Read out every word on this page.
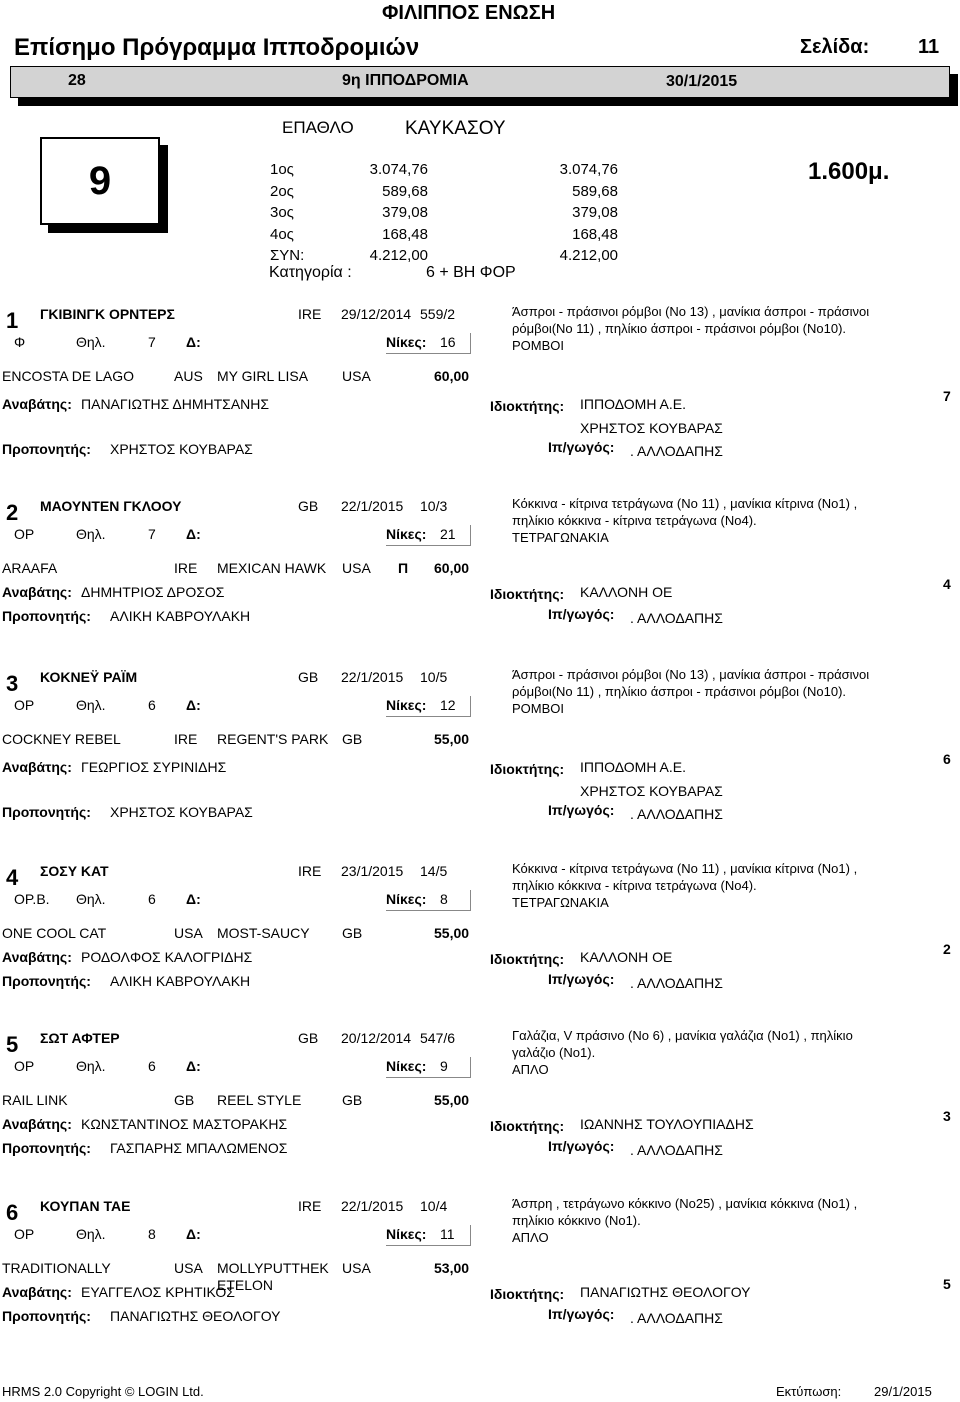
ΦΙΛΙΠΠΟΣ ΕΝΩΣΗ
Επίσημο Πρόγραμμα Ιπποδρομιών	Σελίδα: 11
28	9η ΙΠΠΟΔΡΟΜΙΑ	30/1/2015
9
ΕΠΑΘΛΟ	ΚΑΥΚΑΣΟΥ
1ος	3.074,76	3.074,76
2ος	589,68	589,68
3ος	379,08	379,08
4ος	168,48	168,48
ΣΥΝ:	4.212,00	4.212,00
Κατηγορία :	6 + ΒΗ ΦΟΡ
1.600μ.
1 ΓΚΙΒΙΝΓΚ ΟΡΝΤΕΡΣ	IRE 29/12/2014 559/2
Φ	Θηλ.	7 Δ:	Νίκες: 16
Άσπροι - πράσινοι ρόμβοι (Νο 13) , μανίκια άσπροι - πράσινοι
ρόμβοι(Νο 11) , πηλίκιο άσπροι - πράσινοι ρόμβοι (Νο10).
ΡΟΜΒΟΙ
ENCOSTA DE LAGO	AUS MY GIRL LISA	USA	60,00
Αναβάτης: ΠΑΝΑΓΙΩΤΗΣ ΔΗΜΗΤΣΑΝΗΣ	Ιδιοκτήτης: ΙΠΠΟΔΟΜΗ Α.Ε.
ΧΡΗΣΤΟΣ ΚΟΥΒΑΡΑΣ
7
Προπονητής: ΧΡΗΣΤΟΣ ΚΟΥΒΑΡΑΣ	Ιπ/γωγός: . ΑΛΛΟΔΑΠΗΣ
2 ΜΑΟΥΝΤΕΝ ΓΚΛΟΟΥ	GB 22/1/2015 10/3
ΟΡ	Θηλ.	7 Δ:	Νίκες: 21
Κόκκινα - κίτρινα τετράγωνα (Νο 11) , μανίκια κίτρινα (Νο1) ,
πηλίκιο κόκκινα - κίτρινα τετράγωνα (Νο4).
ΤΕΤΡΑΓΩΝΑΚΙΑ
ARAAFA	IRE MEXICAN HAWK	USA Π 60,00
Αναβάτης: ΔΗΜΗΤΡΙΟΣ ΔΡΟΣΟΣ	Ιδιοκτήτης: ΚΑΛΛΟΝΗ ΟΕ	4
Προπονητής: ΑΛΙΚΗ ΚΑΒΡΟΥΛΑΚΗ	Ιπ/γωγός: . ΑΛΛΟΔΑΠΗΣ
3 ΚΟΚΝΕΫ ΡΑΪΜ	GB 22/1/2015 10/5
ΟΡ	Θηλ.	6 Δ:	Νίκες: 12
Άσπροι - πράσινοι ρόμβοι (Νο 13) , μανίκια άσπροι - πράσινοι
ρόμβοι(Νο 11) , πηλίκιο άσπροι - πράσινοι ρόμβοι (Νο10).
ΡΟΜΒΟΙ
COCKNEY REBEL	IRE REGENT'S PARK GB	55,00
Αναβάτης: ΓΕΩΡΓΙΟΣ ΣΥΡΙΝΙΔΗΣ	Ιδιοκτήτης: ΙΠΠΟΔΟΜΗ Α.Ε.
ΧΡΗΣΤΟΣ ΚΟΥΒΑΡΑΣ
6
Προπονητής: ΧΡΗΣΤΟΣ ΚΟΥΒΑΡΑΣ	Ιπ/γωγός: . ΑΛΛΟΔΑΠΗΣ
4 ΣΟΣΥ ΚΑΤ	IRE 23/1/2015 14/5
ΟΡ.Β. Θηλ.	6 Δ:	Νίκες: 8
Κόκκινα - κίτρινα τετράγωνα (Νο 11) , μανίκια κίτρινα (Νο1) ,
πηλίκιο κόκκινα - κίτρινα τετράγωνα (Νο4).
ΤΕΤΡΑΓΩΝΑΚΙΑ
ONE COOL CAT	USA MOST-SAUCY	GB	55,00
Αναβάτης: ΡΟΔΟΛΦΟΣ ΚΑΛΟΓΡΙΔΗΣ	Ιδιοκτήτης: ΚΑΛΛΟΝΗ ΟΕ	2
Προπονητής: ΑΛΙΚΗ ΚΑΒΡΟΥΛΑΚΗ	Ιπ/γωγός: . ΑΛΛΟΔΑΠΗΣ
5 ΣΩΤ ΑΦΤΕΡ	GB 20/12/2014 547/6
ΟΡ	Θηλ.	6 Δ:	Νίκες: 9
Γαλάζια, V πράσινο (Νο 6) , μανίκια γαλάζια (Νο1) , πηλίκιο
γαλάζιο (Νο1).
ΑΠΛΟ
RAIL LINK	GB REEL STYLE	GB	55,00
Αναβάτης: ΚΩΝΣΤΑΝΤΙΝΟΣ ΜΑΣΤΟΡΑΚΗΣ	Ιδιοκτήτης: ΙΩΑΝΝΗΣ ΤΟΥΛΟΥΠΙΑΔΗΣ	3
Προπονητής: ΓΑΣΠΑΡΗΣ ΜΠΑΛΩΜΕΝΟΣ	Ιπ/γωγός: . ΑΛΛΟΔΑΠΗΣ
6 ΚΟΥΠΑΝ ΤΑΕ	IRE 22/1/2015 10/4
ΟΡ	Θηλ.	8 Δ:	Νίκες: 11
Άσπρη , τετράγωνο κόκκινο (Νο25) , μανίκια κόκκινα (Νο1) ,
πηλίκιο κόκκινο (Νο1).
ΑΠΛΟ
TRADITIONALLY	USA MOLLYPUTTHEK ETELON
USA	53,00
Αναβάτης: ΕΥΑΓΓΕΛΟΣ ΚΡΗΤΙΚΟΣ	Ιδιοκτήτης: ΠΑΝΑΓΙΩΤΗΣ ΘΕΟΛΟΓΟΥ	5
Προπονητής: ΠΑΝΑΓΙΩΤΗΣ ΘΕΟΛΟΓΟΥ	Ιπ/γωγός: . ΑΛΛΟΔΑΠΗΣ
HRMS 2.0 Copyright © LOGIN Ltd.	Εκτύπωση:	29/1/2015
